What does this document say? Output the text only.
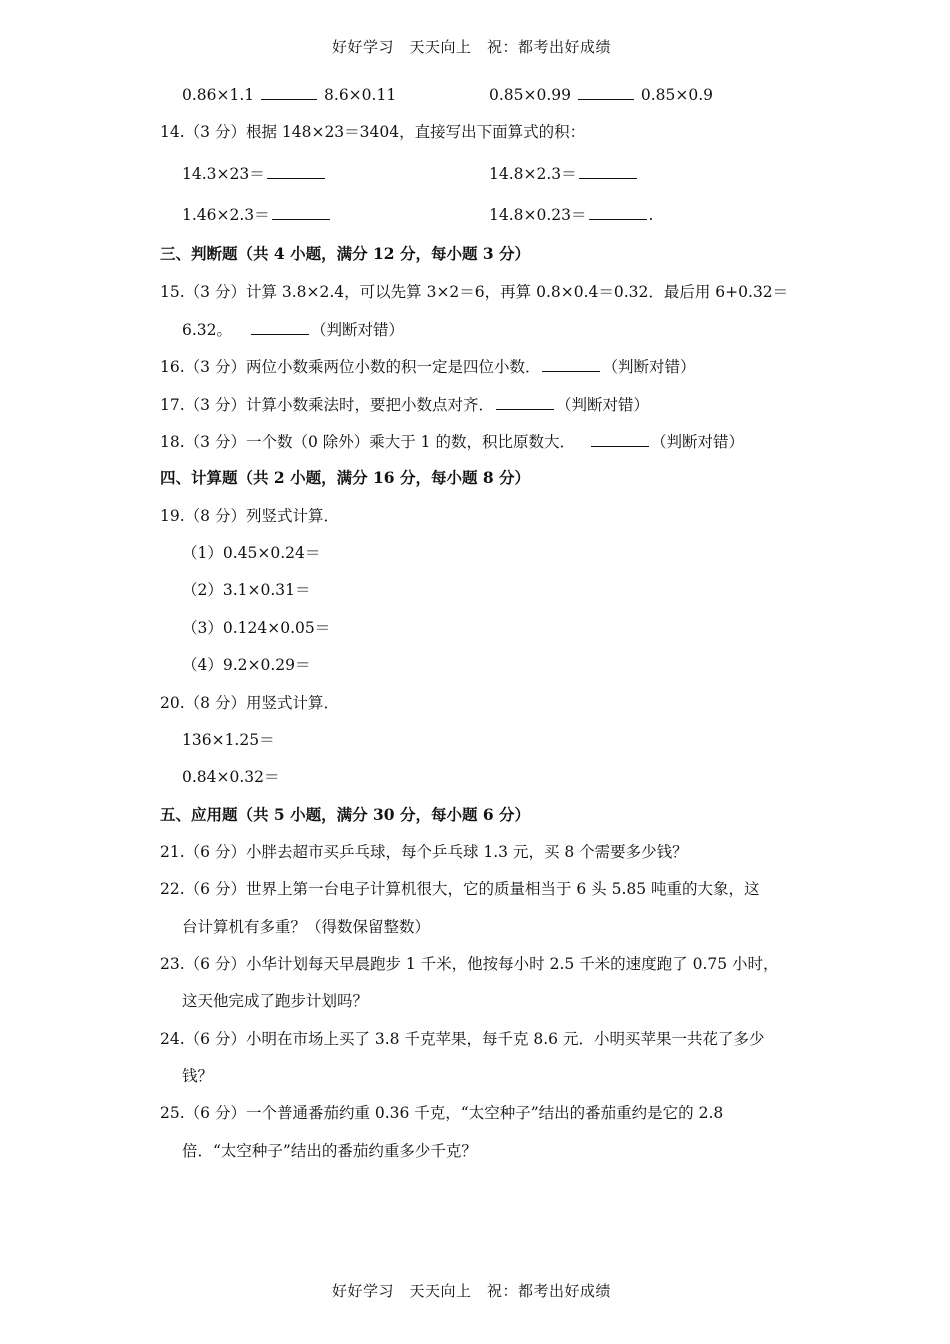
好好学习　天天向上　祝：都考出好成绩
0.86×1.1	8.6×0.11	0.85×0.99	0.85×0.9
14.（3 分）根据 148×23＝3404，直接写出下面算式的积：
14.3×23＝	14.8×2.3＝
1.46×2.3＝	14.8×0.23＝	.
三、判断题（共 4 小题，满分 12 分，每小题 3 分）
15.（3 分）计算 3.8×2.4，可以先算 3×2＝6，再算 0.8×0.4＝0.32．最后用 6+0.32＝
6.32。	（判断对错）
16.（3 分）两位小数乘两位小数的积一定是四位小数．	（判断对错）
17.（3 分）计算小数乘法时，要把小数点对齐．	（判断对错）
18.（3 分）一个数（0 除外）乘大于 1 的数，积比原数大．	（判断对错）
四、计算题（共 2 小题，满分 16 分，每小题 8 分）
19.（8 分）列竖式计算．
（1）0.45×0.24＝
（2）3.1×0.31＝
（3）0.124×0.05＝
（4）9.2×0.29＝
20.（8 分）用竖式计算．
136×1.25＝
0.84×0.32＝
五、应用题（共 5 小题，满分 30 分，每小题 6 分）
21.（6 分）小胖去超市买乒乓球，每个乒乓球 1.3 元，买 8 个需要多少钱？
22.（6 分）世界上第一台电子计算机很大，它的质量相当于 6 头 5.85 吨重的大象，这
台计算机有多重？（得数保留整数）
23.（6 分）小华计划每天早晨跑步 1 千米，他按每小时 2.5 千米的速度跑了 0.75 小时，
这天他完成了跑步计划吗？
24.（6 分）小明在市场上买了 3.8 千克苹果，每千克 8.6 元．小明买苹果一共花了多少
钱？
25.（6 分）一个普通番茄约重 0.36 千克，“太空种子”结出的番茄重约是它的 2.8
倍．“太空种子”结出的番茄约重多少千克？
好好学习　天天向上　祝：都考出好成绩
